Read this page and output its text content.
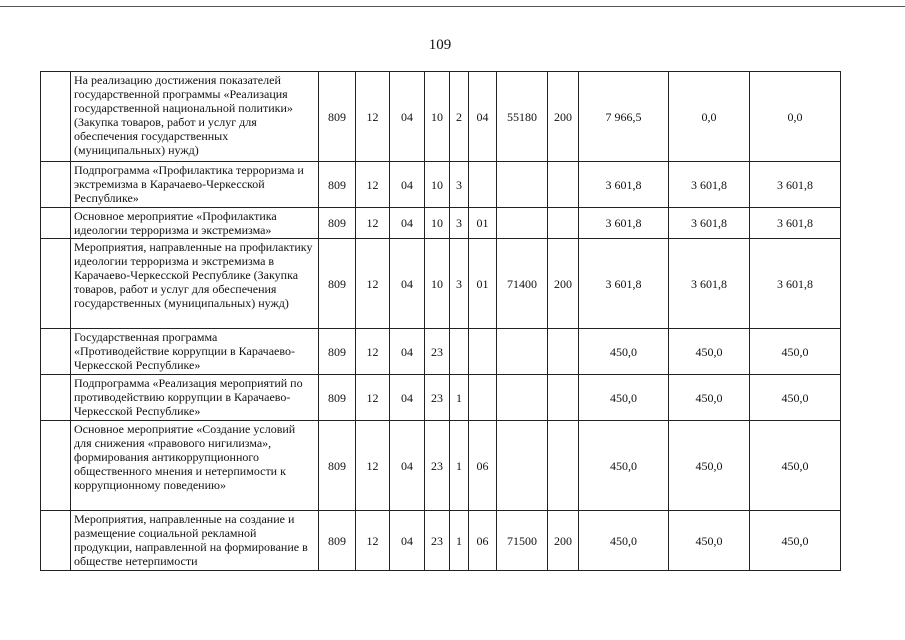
109
	На реализацию достижения показателей государственной программы «Реализация государственной национальной политики» (Закупка товаров, работ и услуг для обеспечения государственных (муниципальных) нужд)	809	12	04	10	2	04	55180	200	7 966,5	0,0	0,0
	Подпрограмма «Профилактика терроризма и экстремизма в Карачаево-Черкесской Республике»	809	12	04	10	3				3 601,8	3 601,8	3 601,8
	Основное мероприятие «Профилактика идеологии терроризма и экстремизма»	809	12	04	10	3	01			3 601,8	3 601,8	3 601,8
	Мероприятия, направленные на профилактику идеологии терроризма и экстремизма в Карачаево-Черкесской Республике (Закупка товаров, работ и услуг для обеспечения государственных (муниципальных) нужд)	809	12	04	10	3	01	71400	200	3 601,8	3 601,8	3 601,8
	Государственная программа «Противодействие коррупции в Карачаево-Черкесской Республике»	809	12	04	23					450,0	450,0	450,0
	Подпрограмма «Реализация мероприятий по противодействию коррупции в Карачаево-Черкесской Республике»	809	12	04	23	1				450,0	450,0	450,0
	Основное мероприятие «Создание условий для снижения «правового нигилизма», формирования антикоррупционного общественного мнения и нетерпимости к коррупционному поведению»	809	12	04	23	1	06			450,0	450,0	450,0
	Мероприятия, направленные на создание и размещение социальной рекламной продукции, направленной на формирование в обществе нетерпимости	809	12	04	23	1	06	71500	200	450,0	450,0	450,0
